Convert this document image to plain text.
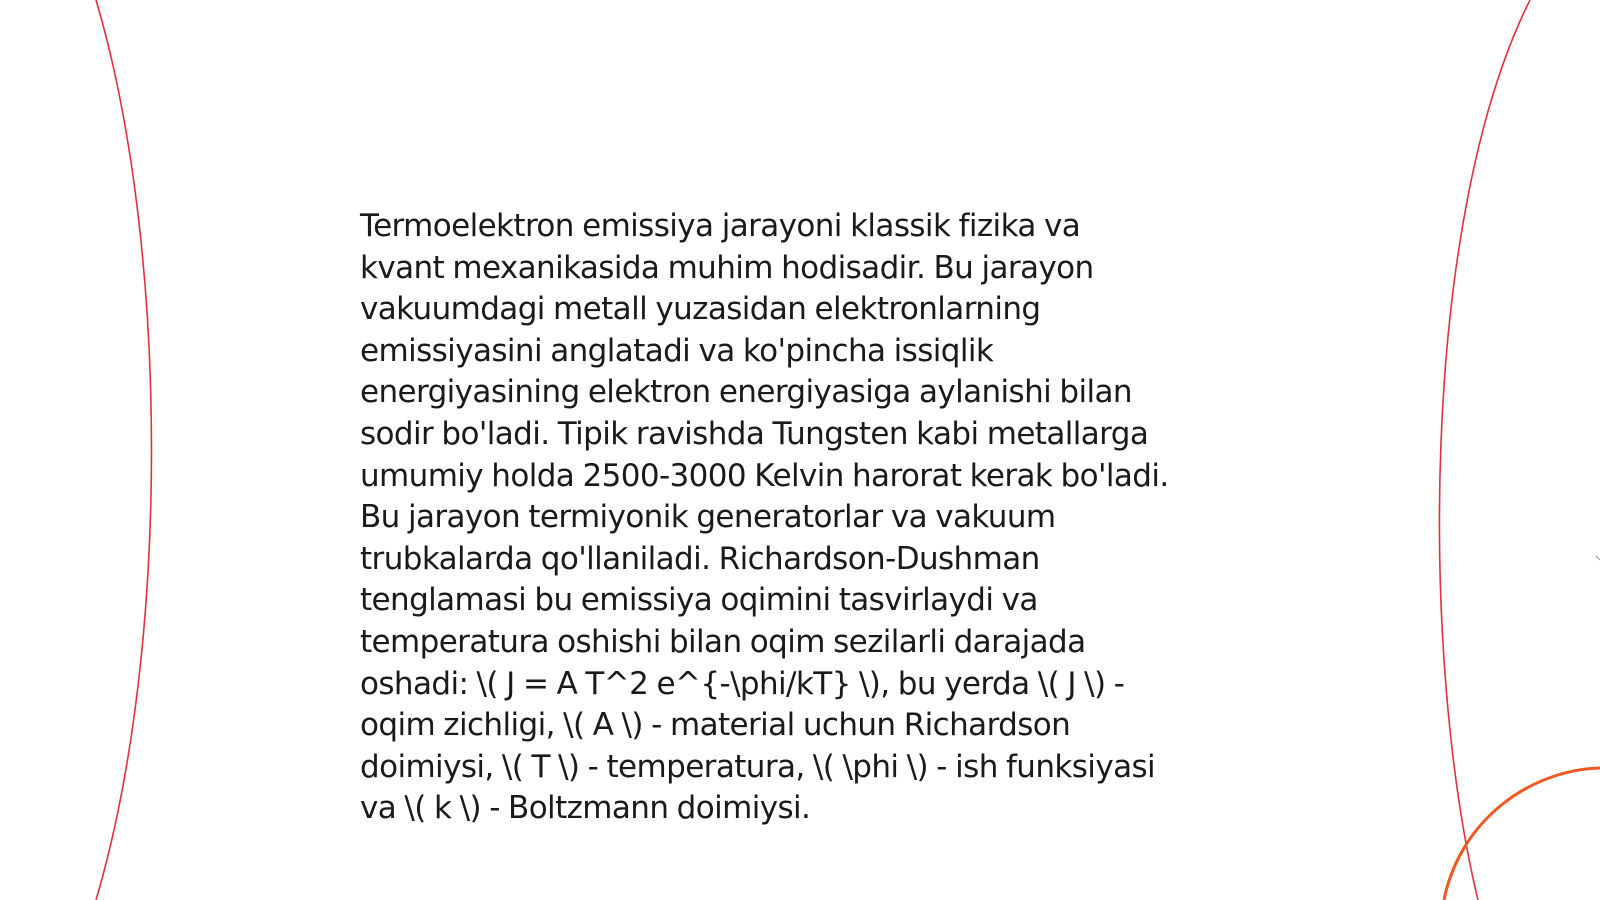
Termoelektron emissiya jarayoni klassik fizika va
kvant mexanikasida muhim hodisadir. Bu jarayon
vakuumdagi metall yuzasidan elektronlarning
emissiyasini anglatadi va ko'pincha issiqlik
energiyasining elektron energiyasiga aylanishi bilan
sodir bo'ladi. Tipik ravishda Tungsten kabi metallarga
umumiy holda 2500-3000 Kelvin harorat kerak bo'ladi.
Bu jarayon termiyonik generatorlar va vakuum
trubkalarda qo'llaniladi. Richardson-Dushman
tenglamasi bu emissiya oqimini tasvirlaydi va
temperatura oshishi bilan oqim sezilarli darajada
oshadi: \( J = A T^2 e^{-\phi/kT} \), bu yerda \( J \) -
oqim zichligi, \( A \) - material uchun Richardson
doimiysi, \( T \) - temperatura, \( \phi \) - ish funksiyasi
va \( k \) - Boltzmann doimiysi.
